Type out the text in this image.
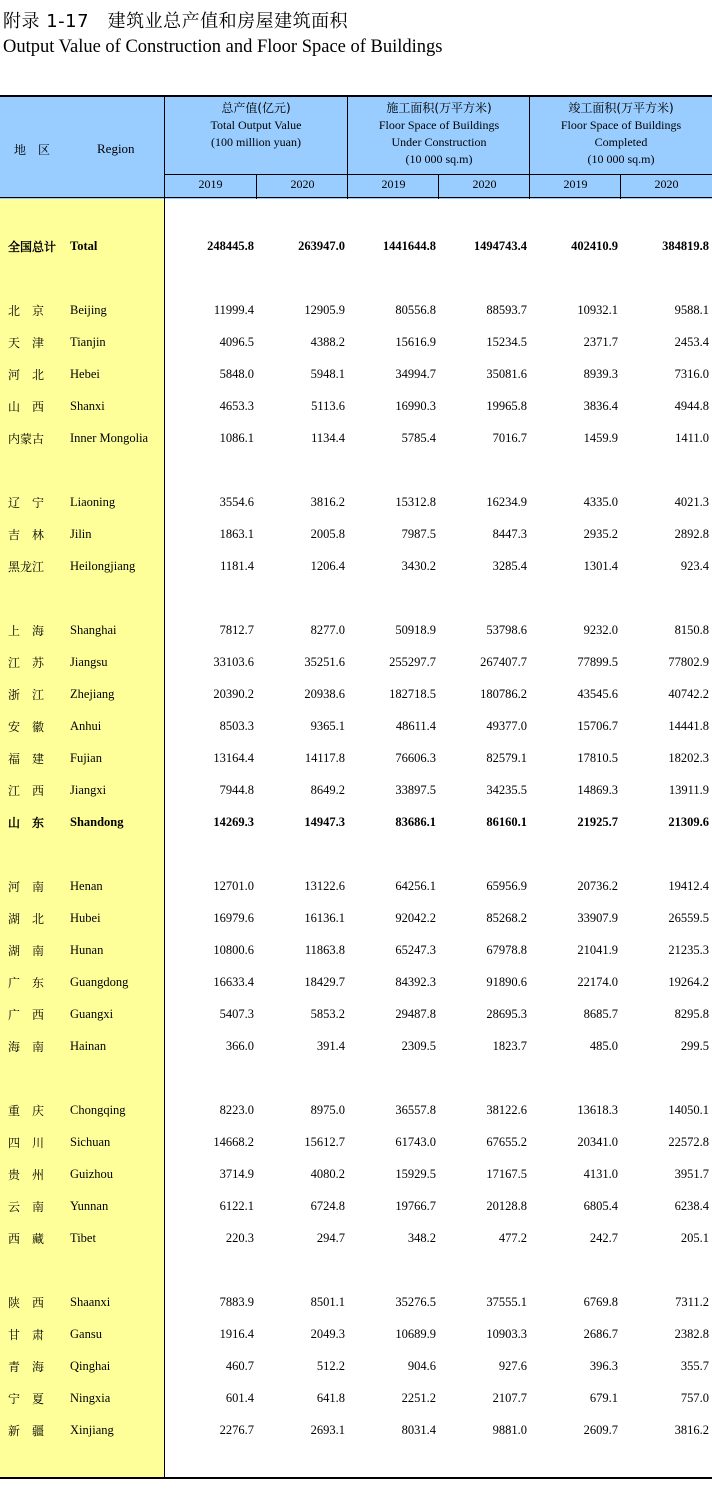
附录 1-17　建筑业总产值和房屋建筑面积
Output Value of Construction and Floor Space of Buildings
地　区	Region
总产值(亿元)
Total Output Value
(100 million yuan)
施工面积(万平方米)
Floor Space of Buildings
Under Construction
(10 000 sq.m)
竣工面积(万平方米)
Floor Space of Buildings
Completed
(10 000 sq.m)
2019	2020	2019	2020	2019	2020
全国总计	Total	248445.8	263947.0	1441644.8	1494743.4	402410.9	384819.8
北　京	Beijing	11999.4	12905.9	80556.8	88593.7	10932.1	9588.1
天　津	Tianjin	4096.5	4388.2	15616.9	15234.5	2371.7	2453.4
河　北	Hebei	5848.0	5948.1	34994.7	35081.6	8939.3	7316.0
山　西	Shanxi	4653.3	5113.6	16990.3	19965.8	3836.4	4944.8
内蒙古	Inner Mongolia	1086.1	1134.4	5785.4	7016.7	1459.9	1411.0
辽　宁	Liaoning	3554.6	3816.2	15312.8	16234.9	4335.0	4021.3
吉　林	Jilin	1863.1	2005.8	7987.5	8447.3	2935.2	2892.8
黑龙江	Heilongjiang	1181.4	1206.4	3430.2	3285.4	1301.4	923.4
上　海	Shanghai	7812.7	8277.0	50918.9	53798.6	9232.0	8150.8
江　苏	Jiangsu	33103.6	35251.6	255297.7	267407.7	77899.5	77802.9
浙　江	Zhejiang	20390.2	20938.6	182718.5	180786.2	43545.6	40742.2
安　徽	Anhui	8503.3	9365.1	48611.4	49377.0	15706.7	14441.8
福　建	Fujian	13164.4	14117.8	76606.3	82579.1	17810.5	18202.3
江　西	Jiangxi	7944.8	8649.2	33897.5	34235.5	14869.3	13911.9
山　东	Shandong	14269.3	14947.3	83686.1	86160.1	21925.7	21309.6
河　南	Henan	12701.0	13122.6	64256.1	65956.9	20736.2	19412.4
湖　北	Hubei	16979.6	16136.1	92042.2	85268.2	33907.9	26559.5
湖　南	Hunan	10800.6	11863.8	65247.3	67978.8	21041.9	21235.3
广　东	Guangdong	16633.4	18429.7	84392.3	91890.6	22174.0	19264.2
广　西	Guangxi	5407.3	5853.2	29487.8	28695.3	8685.7	8295.8
海　南	Hainan	366.0	391.4	2309.5	1823.7	485.0	299.5
重　庆	Chongqing	8223.0	8975.0	36557.8	38122.6	13618.3	14050.1
四　川	Sichuan	14668.2	15612.7	61743.0	67655.2	20341.0	22572.8
贵　州	Guizhou	3714.9	4080.2	15929.5	17167.5	4131.0	3951.7
云　南	Yunnan	6122.1	6724.8	19766.7	20128.8	6805.4	6238.4
西　藏	Tibet	220.3	294.7	348.2	477.2	242.7	205.1
陕　西	Shaanxi	7883.9	8501.1	35276.5	37555.1	6769.8	7311.2
甘　肃	Gansu	1916.4	2049.3	10689.9	10903.3	2686.7	2382.8
青　海	Qinghai	460.7	512.2	904.6	927.6	396.3	355.7
宁　夏	Ningxia	601.4	641.8	2251.2	2107.7	679.1	757.0
新　疆	Xinjiang	2276.7	2693.1	8031.4	9881.0	2609.7	3816.2
